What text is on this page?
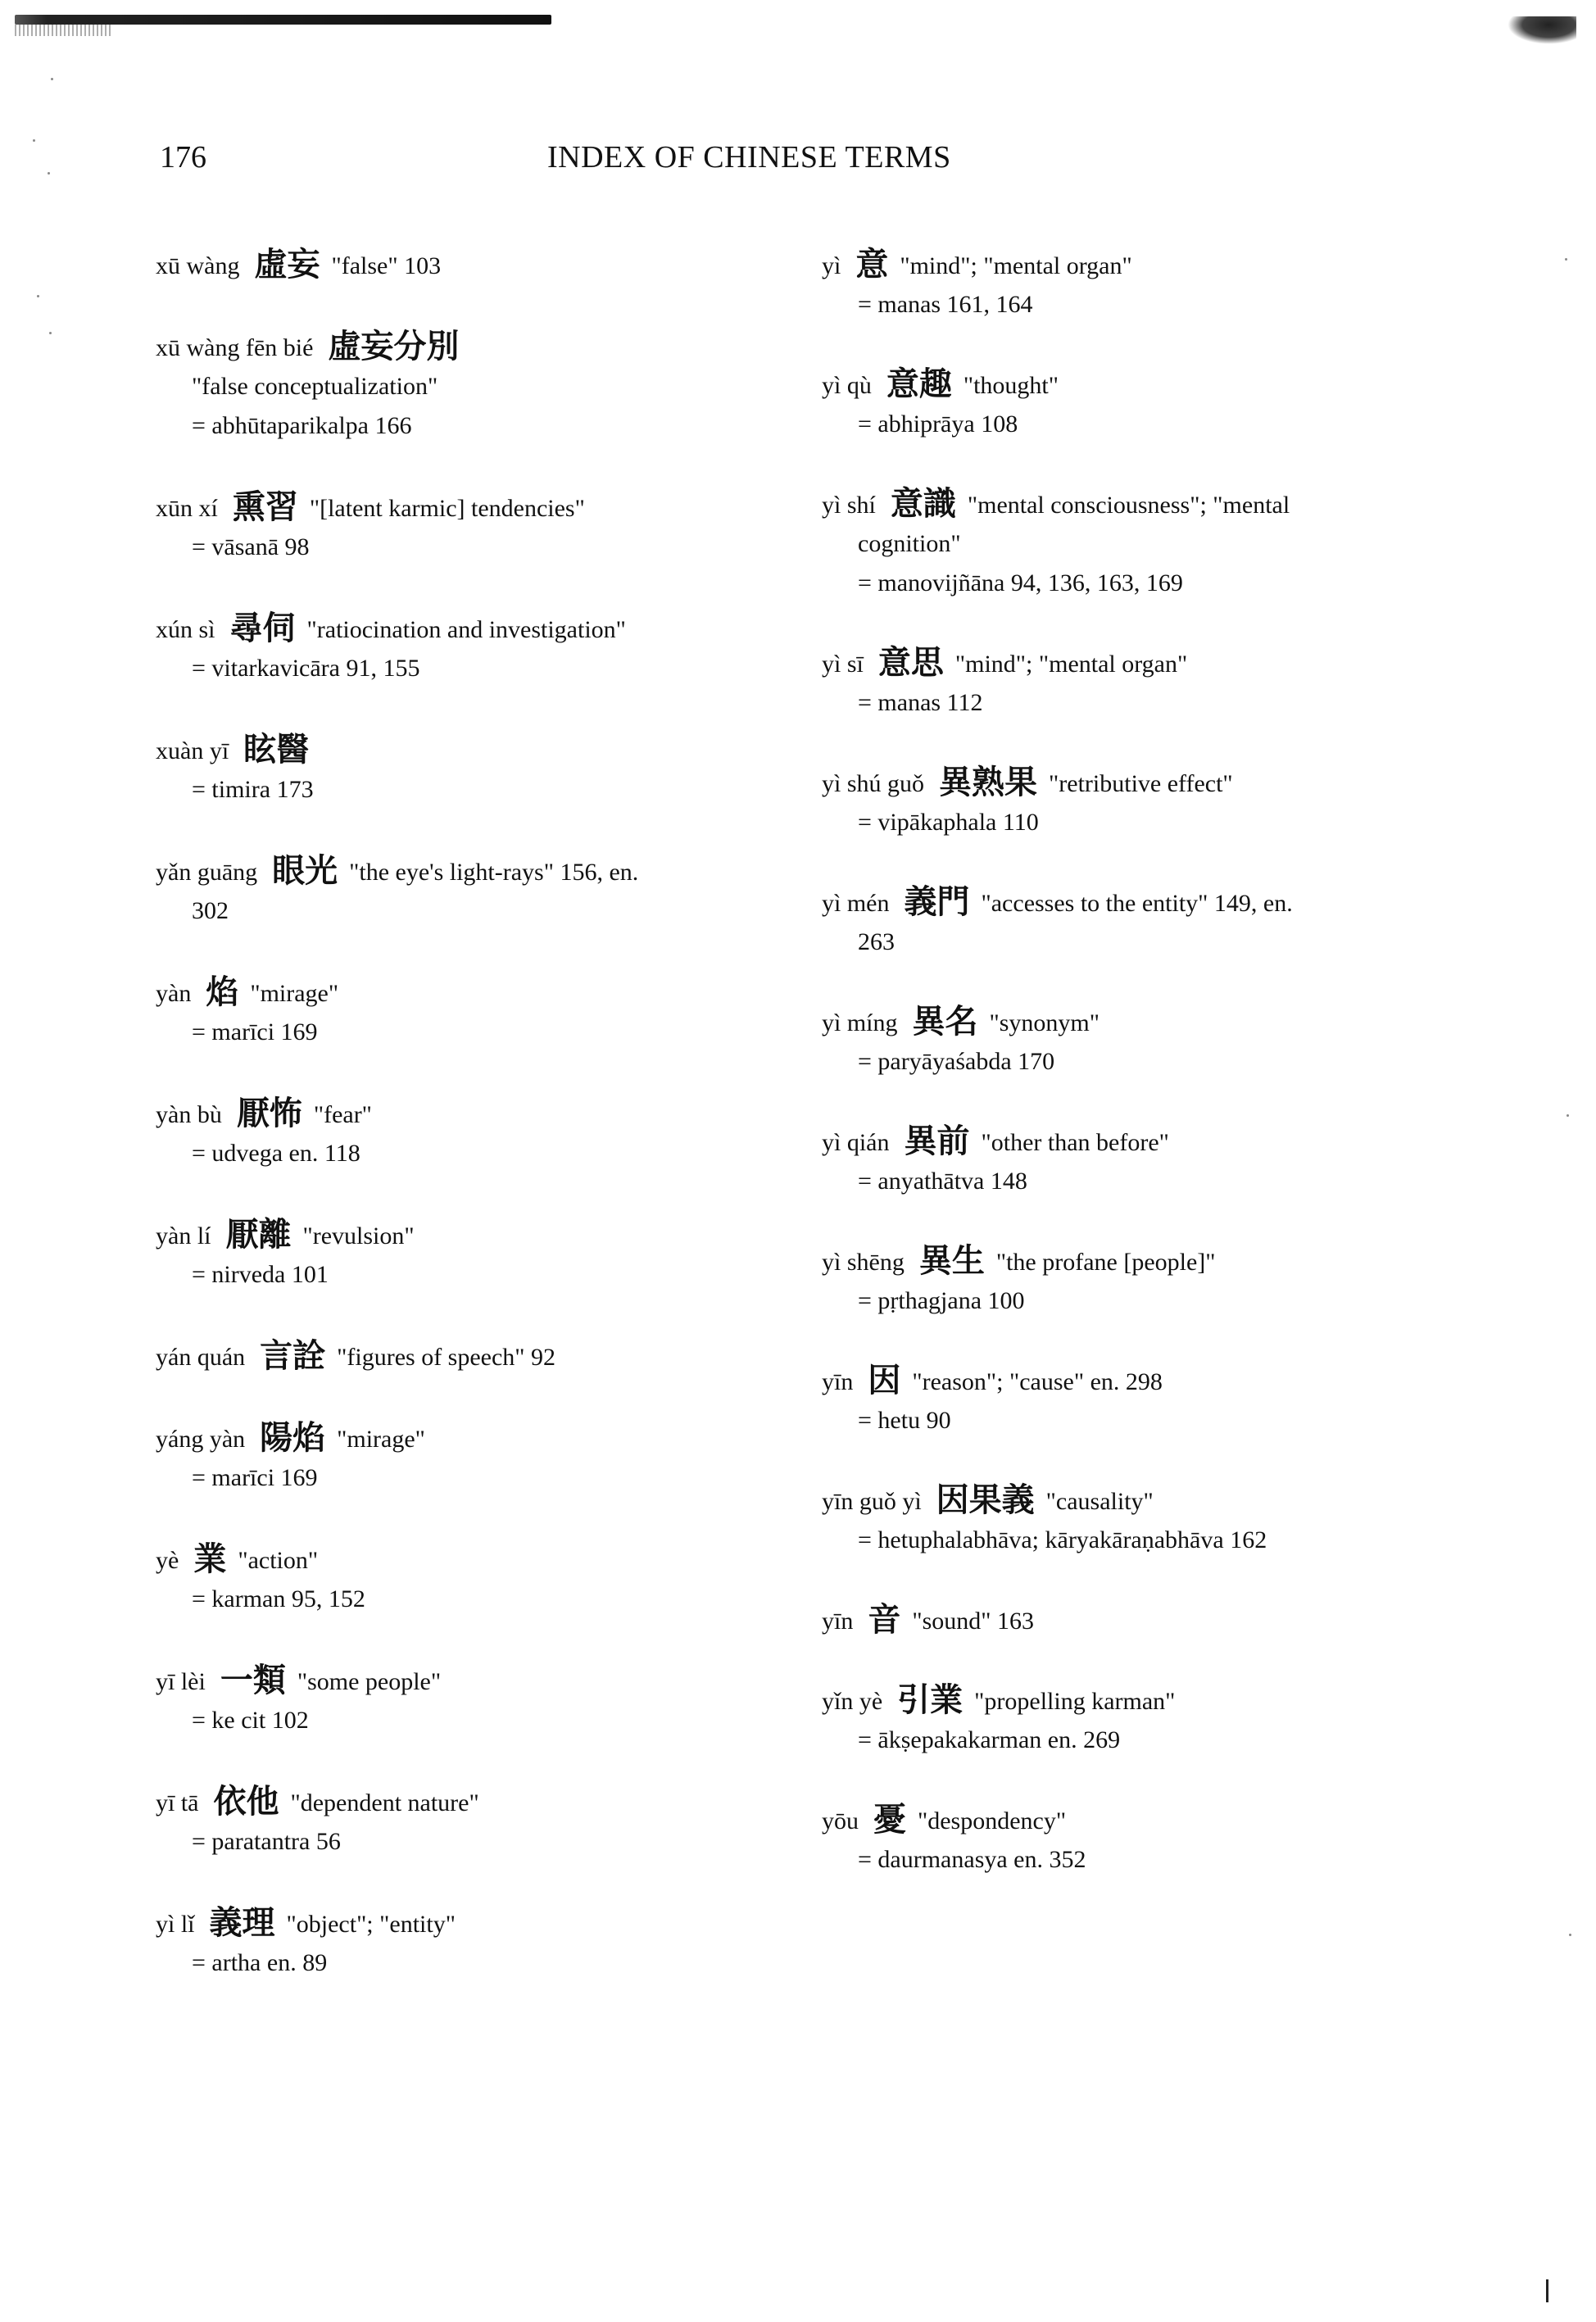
176	INDEX OF CHINESE TERMS
xū wàng 虛妄 "false" 103
xū wàng fēn bié 虛妄分別
"false conceptualization"
= abhūtaparikalpa 166
xūn xí 熏習 "[latent karmic] tendencies"
= vāsanā 98
xún sì 尋伺 "ratiocination and investigation"
= vitarkavicāra 91, 155
xuàn yī 眩醫
= timira 173
yǎn guāng 眼光 "the eye's light-rays" 156, en.
302
yàn 焰 "mirage"
= marīci 169
yàn bù 厭怖 "fear"
= udvega en. 118
yàn lí 厭離 "revulsion"
= nirveda 101
yán quán 言詮 "figures of speech" 92
yáng yàn 陽焰 "mirage"
= marīci 169
yè 業 "action"
= karman 95, 152
yī lèi 一類 "some people"
= ke cit 102
yī tā 依他 "dependent nature"
= paratantra 56
yì lǐ 義理 "object"; "entity"
= artha en. 89
yì 意 "mind"; "mental organ"
= manas 161, 164
yì qù 意趣 "thought"
= abhiprāya 108
yì shí 意識 "mental consciousness"; "mental
cognition"
= manovijñāna 94, 136, 163, 169
yì sī 意思 "mind"; "mental organ"
= manas 112
yì shú guǒ 異熟果 "retributive effect"
= vipākaphala 110
yì mén 義門 "accesses to the entity" 149, en.
263
yì míng 異名 "synonym"
= paryāyaśabda 170
yì qián 異前 "other than before"
= anyathātva 148
yì shēng 異生 "the profane [people]"
= pṛthagjana 100
yīn 因 "reason"; "cause" en. 298
= hetu 90
yīn guǒ yì 因果義 "causality"
= hetuphalabhāva; kāryakāraṇabhāva 162
yīn 音 "sound" 163
yǐn yè 引業 "propelling karman"
= ākṣepakakarman en. 269
yōu 憂 "despondency"
= daurmanasya en. 352
